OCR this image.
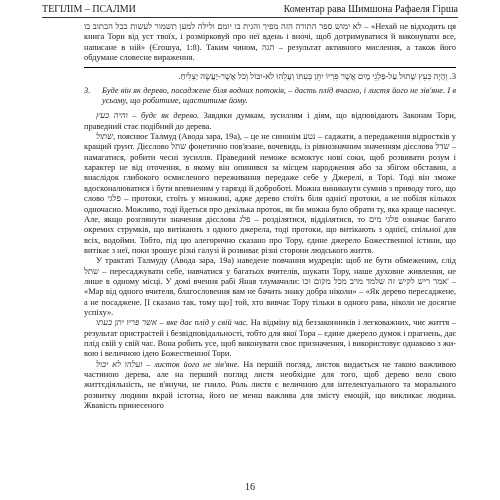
ТЕГІЛІМ – ПСАЛМИ	Коментар рава Шимшона Рафаеля Гірша

לא ימוש ספר התורה הזה מפיך והגית בו יומם ולילה למען תשמור לעשות ככל הכתוב בו – «Нехай не відходить ця книга Тори від уст твоїх, і розмірковуй про неї вдень і вночі, щоб дотримуватися й виконувати все, написане в ній» (Єгошуа, 1:8). Таким чином, הגה – результат активного мислення, а також його обдумане словесне вираження.

3. וְהָיָה כְּעֵץ שָׁתוּל עַל-פַּלְגֵי מָיִם אֲשֶׁר פִּרְיוֹ יִתֵּן בְּעִתּוֹ וְעָלֵהוּ לֹא-יִבּוֹל וְכֹל אֲשֶׁר-יַעֲשֶׂה יַצְלִיחַ.

3.	Буде він як дерево, посаджене біля водних потоків, – дасть плід вчасно, і листя його не зів'яне. І в усьому, що робитиме, щаститиме йому.

והיה כעץ – будє як дерево. Завдяки думкам, зусиллям і діям, що відповідають Законам Тори, праведний стає подібний до дерева.

שתול, пояснює Талмуд (Авода зара, 19а), – це не синонім נטע – саджати, а передаження відростків у кращий ґрунт. Дієслово שתל фонетично пов'язане, вочевидь, із рівнозначним значенням дієслова שדל – намагатися, робити чесні зусилля. Праведний неможе всмоктує нові соки, щоб розвивати розум і характер не від оточення, в якому він опинився за місцем народження або за збігом обставин, а внаслідок глибокого осмисленого переживання передаже себе у Джерелі, в Торі. Тоді він зможе вдосконалюватися і бути впевненим у гарязді й доброботі. Можна виникнути сумнів з приводу того, що слово פלגי – протоки, стоїть у множині, адже дерево стоїть біля однієї протоки, а не побіля кількох одночасно. Можливо, тоді йдеться про декілька проток, як би можна було обрати ту, яка краще насичує. Але, якщо розглянути значення дієслова פלג – розділятися, відділятися, то פלגי מים означає багато окремих струмків, що витікають з одного джерела, тоді протоки, що витікають з однієї, спільної для всіх, водойми. Тобто, під цю алегорично сказано про Тору, єдине джерело Божественної істини, що витікає з неї, поки зрошує різні галузі й розвиває різні сторони людського життя.

У трактаті Талмуду (Авода зара, 19а) наведене повчання мудреців: щоб не бути обмеженим, слід שתל – пересаджувати себе, навчатися у багатьох вчителів, шукати Тору, наше духовне живлення, не лише в одному місці. У домі вчення рабі Яная тлумачили: אמר ריש לקיש זה שלמד מרב מכל מקום וכו' – «Мар від одного вчителя, благословення вам не бачить знаку добра ніколи» – «Як дерево пересаджене, а не посаджене. [І сказано так, тому що] той, хто вивчає Тору тільки в одного рава, ніколи не досягне успіху».

אשר פריו יתן בעתו – яке дає плід у свій час. На відміну від беззаконників і легковажних, чиє життя – результат пристрастей і безвідповідальності, тобто для якої Тора – єдине джерело думок і прагнень, дає плід свій у свій час. Вона робить усе, щоб виконувати своє призначення, і використовує однаково з живою і величною ідею Божественної Тори.

ועלהו לא יבול – листок його не зів'яне. На першій погляд, листок видається не такою важливою частиною дерева, але на перший погляд листя необхідне для того, щоб дерево вело свою життєдіяльність, не в'янучи, не гнило. Роль листя є величною для інтелектуального та морального розвитку людини вкрай істотна, його не менш важлива для змісту емоцій, що викликає людина. Жвавість принесеного

16
